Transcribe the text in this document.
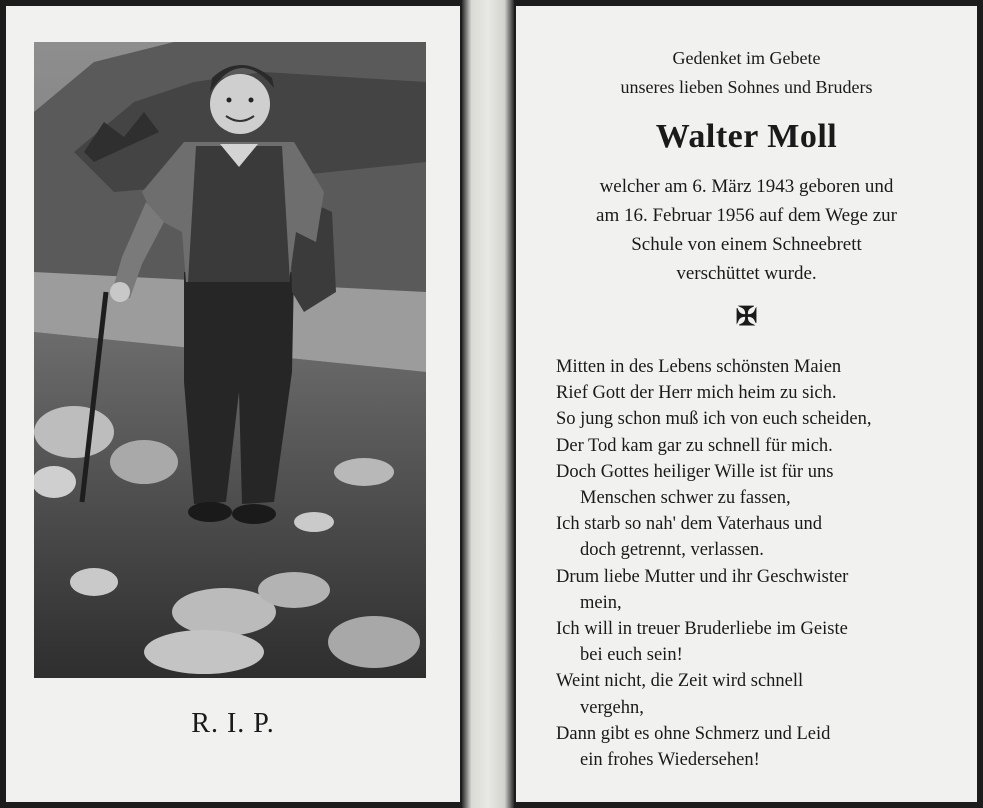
R. I. P.
Gedenket im Gebete
unseres lieben Sohnes und Bruders
Walter Moll
welcher am 6. März 1943 geboren und
am 16. Februar 1956 auf dem Wege zur
Schule von einem Schneebrett
verschüttet wurde.
✠
Mitten in des Lebens schönsten Maien
Rief Gott der Herr mich heim zu sich.
So jung schon muß ich von euch scheiden,
Der Tod kam gar zu schnell für mich.
Doch Gottes heiliger Wille ist für uns
Menschen schwer zu fassen,
Ich starb so nah' dem Vaterhaus und
doch getrennt, verlassen.
Drum liebe Mutter und ihr Geschwister
mein,
Ich will in treuer Bruderliebe im Geiste
bei euch sein!
Weint nicht, die Zeit wird schnell
vergehn,
Dann gibt es ohne Schmerz und Leid
ein frohes Wiedersehen!
